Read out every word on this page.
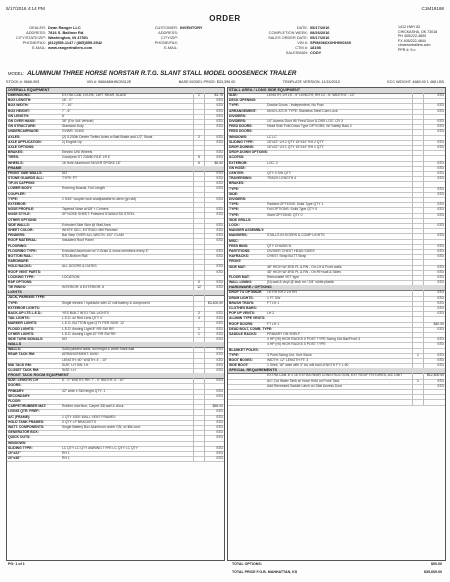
5/17/2016 4:14 PM	C1M19198
ORDER
DEALER: Dean Ranger LLC
ADDRESS: 7816 S. Ballinor Rd.
CITY/STATE/ZIP: Washington, IN 47501
PHONE/FAX: (812)555-1147 / (865)555-3542
E-MAIL: www.rangertrailers.com
CUSTOMER: INVENTORY
ADDRESS:
CITY/ZIP:
PHONE/FAX:
E-MAIL:
DATE: 05/17/2016
COMPLETION WEEK: 08/26/2016
SALES ORDER DATE: 05/17/2016
VIN #: SPM4066XXHH000339
CTM #: 18198
SALESMAN: CODY
1412 HWY 62
CHICKASHA, OK 73018
PH 405/222-4800
FX 405/222-4844
cimarrontrailers.com
PPR #: 9.o
MODEL: ALUMINUM THREE HORSE NORSTAR R.T.G. SLANT STALL MODEL GOOSENECK TRAILER
STOCK #: 9666-993	VIN #: 9666486HBCB312E	BASE MODEL PRICE: $33,399.00	TEMPLATE VERSION: 11/15/2015	ECC WEIGHT: 4680.00 1 468 LBS
OVERALL EQUIPMENT
DIMENSIONS:	EXTRA CAB, 10'LRE, 16FT REAR, SLANT	1	$1.75
BOX LENGTH:	16' - 0"	STD
BOX WIDTH:	7' - 10"	STD
BOX HEIGHT:	7' - 6"	STD
GN LENGTH:	8'	STD
GN OVER HANG:	36" (For 4x4 Vehicle)	STD
GN STRUCTURE:	Standard Duty	STD
UNDERCARRIAGE:	GVWR: 10400
AXLES:	(2) 5,200lb Dexter Torflex Axles w Batt Brake and 1/2" Studs	2	STD
AXLE APPLICATION:	2) Engine Up	STD
AXLE OPTIONS:
BRAKES:	Electric UNI Wheels	STD
TIRES:	Goodyear ST 235/80 R16" LR E	5	STD
WHEELS:	16 Hole Aluminum SILVER SPOKE 16"	5	$0.00
FRAME
FRONT SIDE WALLS:	NO	STD
STONE GUARDS ALL:	TYPE: PT	STD
TIP-IN CAPPING:	STD
LOWER BODY:	Running Boards, Full Length	STD
COUPLER:
TYPE:	2 5/16" coupler lock w/adjustable tri-stem (gn std)	STD
EXTERIOR:
NOSE PROFILE:	Tapered Nose w/1/8" r Corners	STD
NOSE STYLE:	SP NOSE SHEET: Polished STAINLESS STEEL	STD
OTHER OPTIONS:
SIDE WALLS:	Extruded Side Skin @ Stall Area	STD
SHEET COLOR:	WHITE SEC. EXTRUD: Mill Finished	STD
FENDERS:	Bar Step OVER ALL WIDTH: 102" CLAM	STD
ROOF MATERIAL:	Insulated Roof Panel	STD
FLOORING:
FLOORING TYPE:	Extruded Aluminum w/ V-Grain & cross members every 4"	STD
BOTTOM RAIL:	STD-Bottom Rail	STD
HARDWARE:
HOLD BACKS:	ALL DOORS & GATES	STD
ROOF VENT PARTS:	STD
LOCKING TYPE:	LOCATION:
RAP OPTIONS:	0	STD
TIE RINGS:	INTERIOR: 6 EXTERIOR: 6	12	STD
LIGHTS
JACK, PARKING TYPE:
TYPE:	Single electric / hydraulic with 12 volt battery & component	$3,400.00
EXTERIOR LIGHTS:
BACK-UP LTS L.E.D.:	YES BUILT INTO TAIL LIGHTS	2	STD
TAIL LIGHTS:	L.E.D. w/ Red Lens QTY 4	4	STD
MARKER LIGHTS:	L.E.D. BUTTON type QTY PER SIDE: 12	STD
FLOOD LIGHTS:	L.E.D. Awning Light 8" RR SW RR	1	STD
OTHER LIGHTS:	L.E.D. Awning Light 10" RR SW RR	1	STD
SIDE TURN SIGNALS:	NO	STD
WALLS
WALLS:	Solid padded walls, full height & width Slant wall	STD
REAR TACK RM:	ARRANGEMENT: 60/40	STD
LENGTH: 60" WIDTH: 4' - 10"	STD
MID TACK RM:	SIZE: LH SW: LH	STD
CLOSET TACK RM:	SIZE: LH	STD
FRONT TACK ROOM EQUIPMENT
SIZE: LENGTH, LH	6' - 0" WIDTH, RH: 7' - 0" WIDTH: 4' - 10"	STD
DOORS:
PRIMARY:	42" wide x Std height QTY: 1	STD
SECONDARY:	STD
FLOOR:
CARPET/RUBBER MAT:	Rubber mat floor, Carpet 3/8 wall & clock	$55.00
LIVING QTR. PREP:	STD
A/C (FRAME):	1 QTY SIDE WALL VENT FRAMES	STD
HOLD TANK FRAMES:	0 QTY LP BRACKETS	STD
WATT. COMPONENTS:	Single Battery Box Aluminum under GN, w/ tilts cont.	STD
GENERATOR BOX:	STD
QUICK OUTS:	STD
WINDOWS:
SLIDING TYPE:	LC QTY LC QTY AWNING TYPE LC QTY LC QTY	STD
15"x22"	RH 1	STD
20"x38"	RH 1	STD
STALL AREA / LONG SIDE EQUIPMENT
SIZE:	LENGTH, LH 15' - 6" LENGTH, RH 14' - 6" WIDTH 6' - 10"	STD
DECK OPENING:
TYPE:	Double Doors - Independent, No Post	STD
ARRANGEMENT:	60/40 LATCH TYPE: Stainless Steel Cam Lock	STD
DIVIDERS:
DIVIDERS:	14" Access Door W/ Feed Door & DRS LOC: CR 3	STD
FEED DOORS:	Head Side Fold Down Type OPTIONS: W/ Safety Bars 2	STD
FEED DOORS:	STD
WINDOWS:	LC LC
SLIDING TYPE:	15"x22" LH 2 QTY 15"x34" RH 2 QTY	STD
DROP-DOWNS:	15"x22" LH 1 QTY 15"x34" RH 1 QTY	STD
DROP-DOWN OPTIONS:
ACCESS:
EXTERIOR:	LOC: 2	STD
GN HOSE:	STD
CENTER:	QTY 0 SW QTY	STD
TRAVERSING:	TRACK LENGTH 4	STD
BRAKES:
TYPE:	STD
SIDE:	STD
DIVIDERS:
TYPE:	Padded OPTIONS: Solid Type QTY 1	STD
TYPE:	Full OPTIONS: Solid Type QTY 0	STD
TYPE:	Slant OPTIONS: QTY 0	STD
SIDE GRILLS:
LOCK:	STD
MANGER ASSEMBLY:
MANGERS:	STALLS IN DOORS & COMP LIGHTS	STD
MISC:
FEED BINS:	QTY CHAINS N	STD
PARTITIONS:	DIVIDER CHEST HEAD SIDES	STD
HAYRACKS:	CHEST Strap BUTT Strap	STD
FRONT:
SIDE MAT:	48" HIGH W/ 3RD PL & RN - On LH & Front walls	STD
48" HIGH W/ 3RD PL & RN - On RH wall & Sides	STD
FLOOR MAT:	Removable VET type	STD
WALL LINING:	(N) wall & vinyl @ tack rm / 3/4" white plastic	STD
HARDWARE / OPTIONS
DROP TO OPTIMIZE:	LH RH RH 2 LH RH	STD
DRUM LIGHTS:	1 FT SW	STD
BRUSH TRAYS:	FT LH 1	STD
CLOTHES BARS:	STD
POP UP VENTS:	LH 2	STD
ALUMIN TYPE VENTS:
ROOF DOORS:	FT LH 1	$40.00
DEAD BOLT, COMB. TYPE:	STD
SADDLE RACKS:	PRIMARY ON SHELF
4 HP (Hi) HIGH RACKS 0 POST TYPE Swing Out Bar/Front 3	STD
4 HP (Hi) HIGH RACKS 0 POST TYPE	STD
BLANKET POLES:
TYPE:	3 Point Swing Out, Sort Stock	1	STD
BOOT BOXES:	WIDTH: 12" LENGTH FT: 3	STD
SIDE BOOT:	1 Shell, 18" wide with 3" lid, will fold LENGTH FT: 1.50	STD
SPECIAL REQUIREMENTS
EXTRA CAB: 8' x 16' EXTRA REAR CONSTRUCTION, EXT ROOF FIXTURES, A/C UNIT	$12,400.00
A/C Cut Water Tank w/ Hose Hold on Front Tack	1	STD
Add Recessed Saddle Latch on Side Access Door	STD
PG: 1 of 1	TOTAL OPTIONS:	$00.00
TOTAL PRICE F.O.B. MANHATTAN, KS	$35,669.00
